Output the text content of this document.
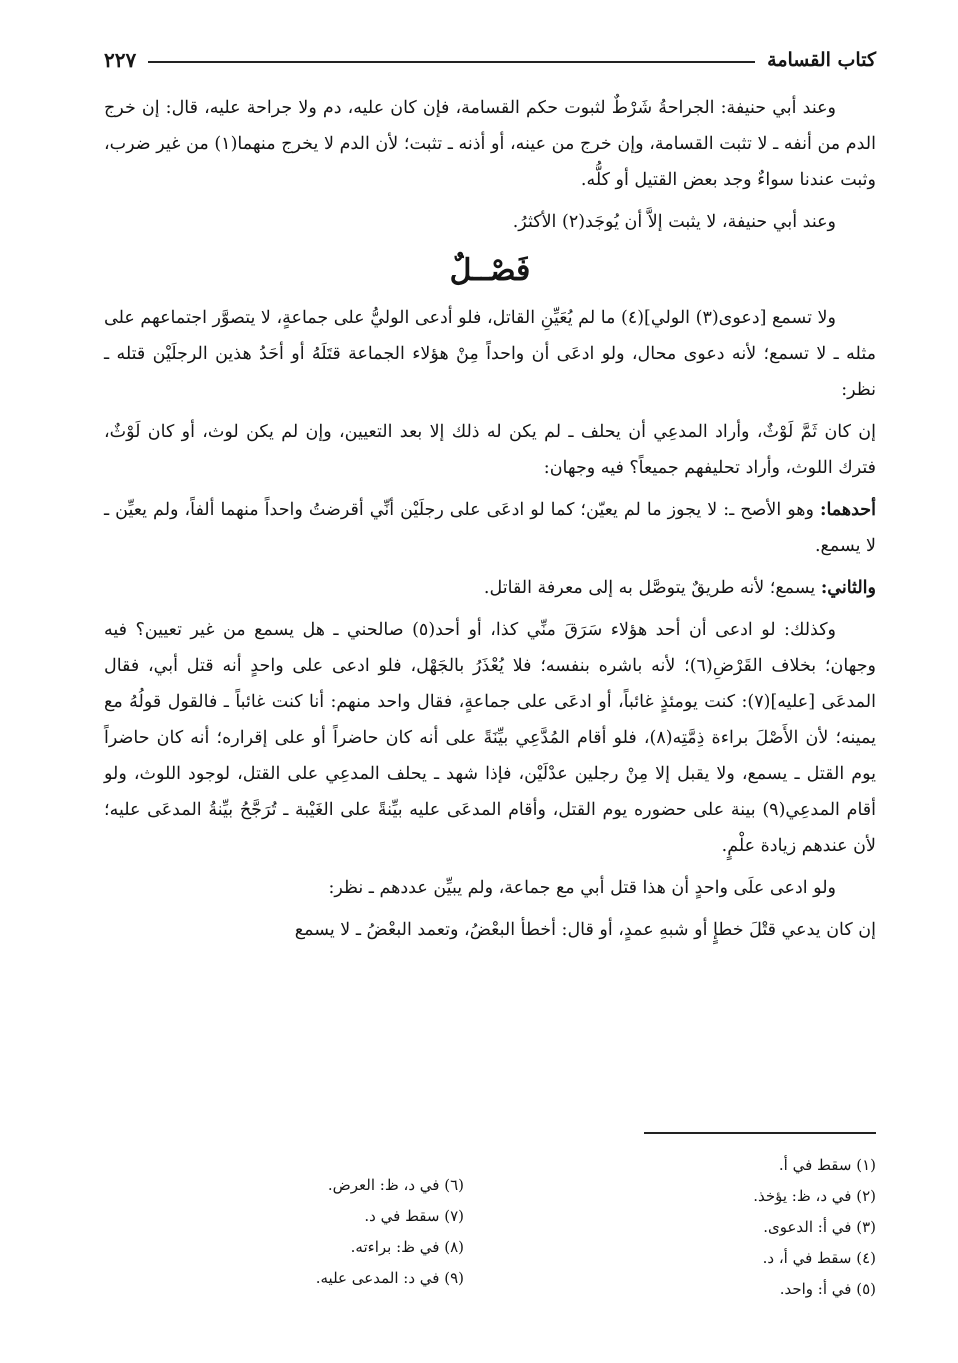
كتاب القسامة
٢٢٧

وعند أبي حنيفة: الجراحةُ شَرْطٌ لثبوت حكم القسامة، فإن كان عليه، دم ولا جراحة عليه، قال: إن خرج الدم من أنفه ـ لا تثبت القسامة، وإن خرج من عينه، أو أذنه ـ تثبت؛ لأن الدم لا يخرج منهما(١) من غير ضرب، وثبت عندنا سواءٌ وجد بعض القتيل أو كلُّه.

وعند أبي حنيفة، لا يثبت إلاَّ أن يُوجَد(٢) الأكثرُ.

فَصْــلٌ

ولا تسمع [دعوى(٣) الولي](٤) ما لم يُعَيِّنِ القاتل، فلو أدعى الوليُّ على جماعةٍ، لا يتصوَّر اجتماعهم على مثله ـ لا تسمع؛ لأنه دعوى محال، ولو ادعَى أن واحداً مِنْ هؤلاء الجماعة قتَلَهُ أو أحَدُ هذين الرجلَيْن قتله ـ نظر:

إن كان ثَمَّ لَوْثٌ، وأراد المدعِي أن يحلف ـ لم يكن له ذلك إلا بعد التعيين، وإن لم يكن لوث، أو كان لَوْثٌ، فترك اللوث، وأراد تحليفهم جميعاً؟ فيه وجهان:

أحدهما: وهو الأصح ـ: لا يجوز ما لم يعيّن؛ كما لو ادعَى على رجلَيْن أنِّي أقرضتُ واحداً منهما ألفاً، ولم يعيِّن ـ لا يسمع.

والثاني: يسمع؛ لأنه طريقٌ يتوصَّل به إلى معرفة القاتل.

وكذلك: لو ادعى أن أحد هؤلاء سَرَقَ منِّي كذا، أو أحد(٥) صالحني ـ هل يسمع من غير تعيين؟ فيه وجهان؛ بخلاف القَرْضِ(٦)؛ لأنه باشره بنفسه؛ فلا يُعْذَرُ بالجَهْل، فلو ادعى على واحدٍ أنه قتل أبي، فقال المدعَى [عليه](٧): كنت يومئذٍ غائباً، أو ادعَى على جماعةٍ، فقال واحد منهم: أنا كنت غائباً ـ فالقول قولُهُ مع يمينه؛ لأن الأَصْلَ براءة ذِمَّتِه(٨)، فلو أقام المُدَّعِي بيِّنَةً على أنه كان حاضراً أو على إقراره؛ أنه كان حاضراً يوم القتل ـ يسمع، ولا يقبل إلا مِنْ رجلين عدْلَيْن، فإذا شهد ـ يحلف المدعِي على القتل، لوجود اللوث، ولو أقام المدعِي(٩) بينة على حضوره يوم القتل، وأقام المدعَى عليه بيِّنةً على الغَيْبة ـ تُرَجَّحُ بيِّنةُ المدعَى عليه؛ لأن عندهم زيادة علْمٍ.

ولو ادعى علَى واحدٍ أن هذا قتل أبي مع جماعة، ولم يبيِّن عددهم ـ نظر:

إن كان يدعي قتْلَ خطإٍ أو شبهِ عمدٍ، أو قال: أخطأ البعْضُ، وتعمد البعْضُ ـ لا يسمع

(١) سقط في أ.
(٢) في د، ظ: يؤخذ.
(٣) في أ: الدعوى.
(٤) سقط في أ، د.
(٥) في أ: واحد.
(٦) في د، ظ: العرض.
(٧) سقط في د.
(٨) في ظ: براءته.
(٩) في د: المدعى عليه.
